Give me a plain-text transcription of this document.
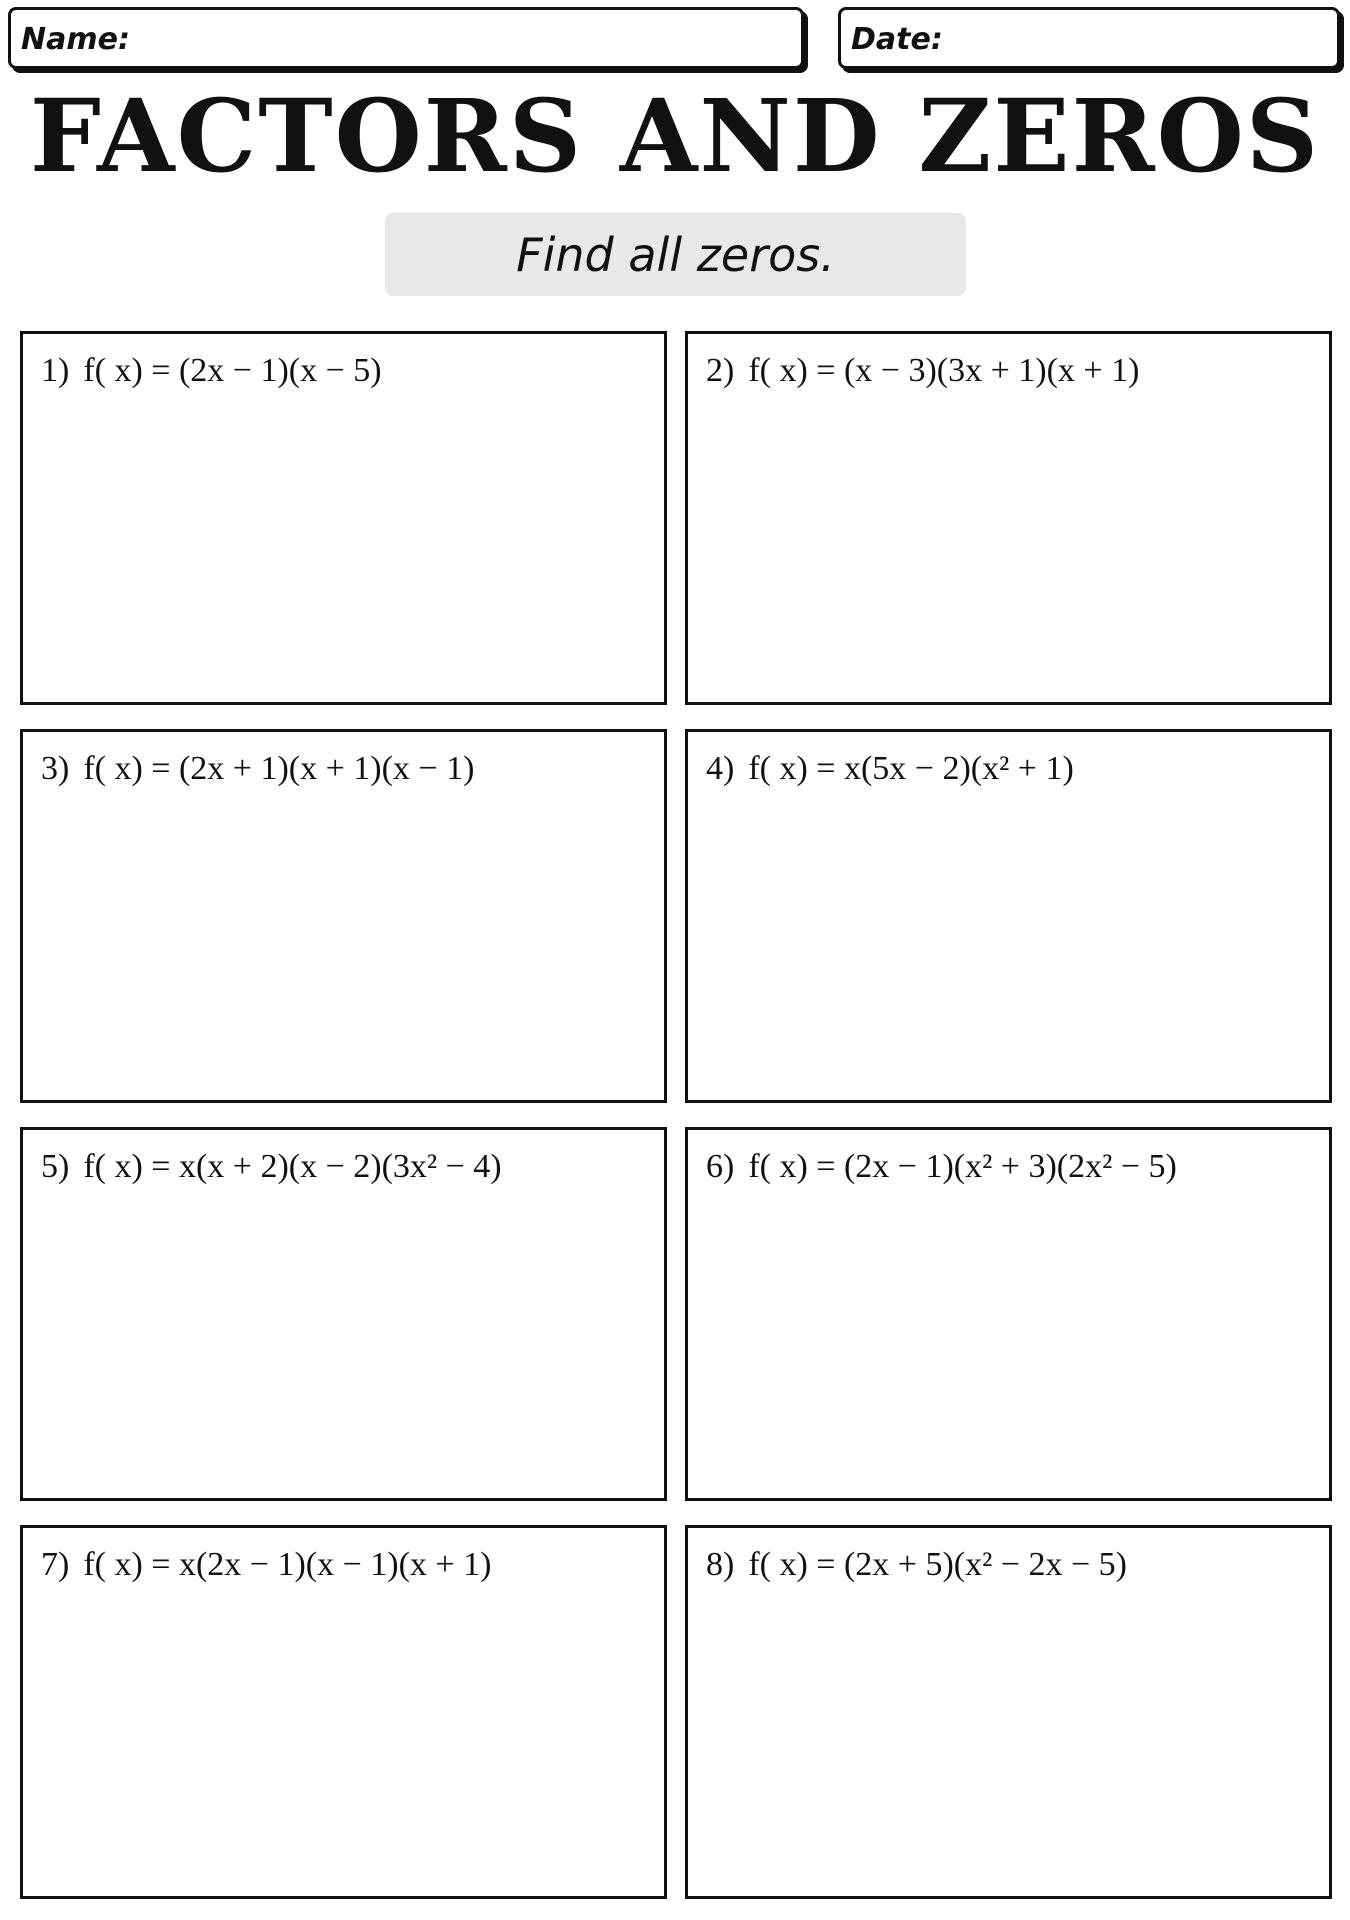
Name:	Date:
FACTORS AND ZEROS
Find all zeros.
1) f( x) = (2x − 1)(x − 5)	2) f( x) = (x − 3)(3x + 1)(x + 1)
3) f( x) = (2x + 1)(x + 1)(x − 1)	4) f( x) = x(5x − 2)(x² + 1)
5) f( x) = x(x + 2)(x − 2)(3x² − 4)	6) f( x) = (2x − 1)(x² + 3)(2x² − 5)
7) f( x) = x(2x − 1)(x − 1)(x + 1)	8) f( x) = (2x + 5)(x² − 2x − 5)
